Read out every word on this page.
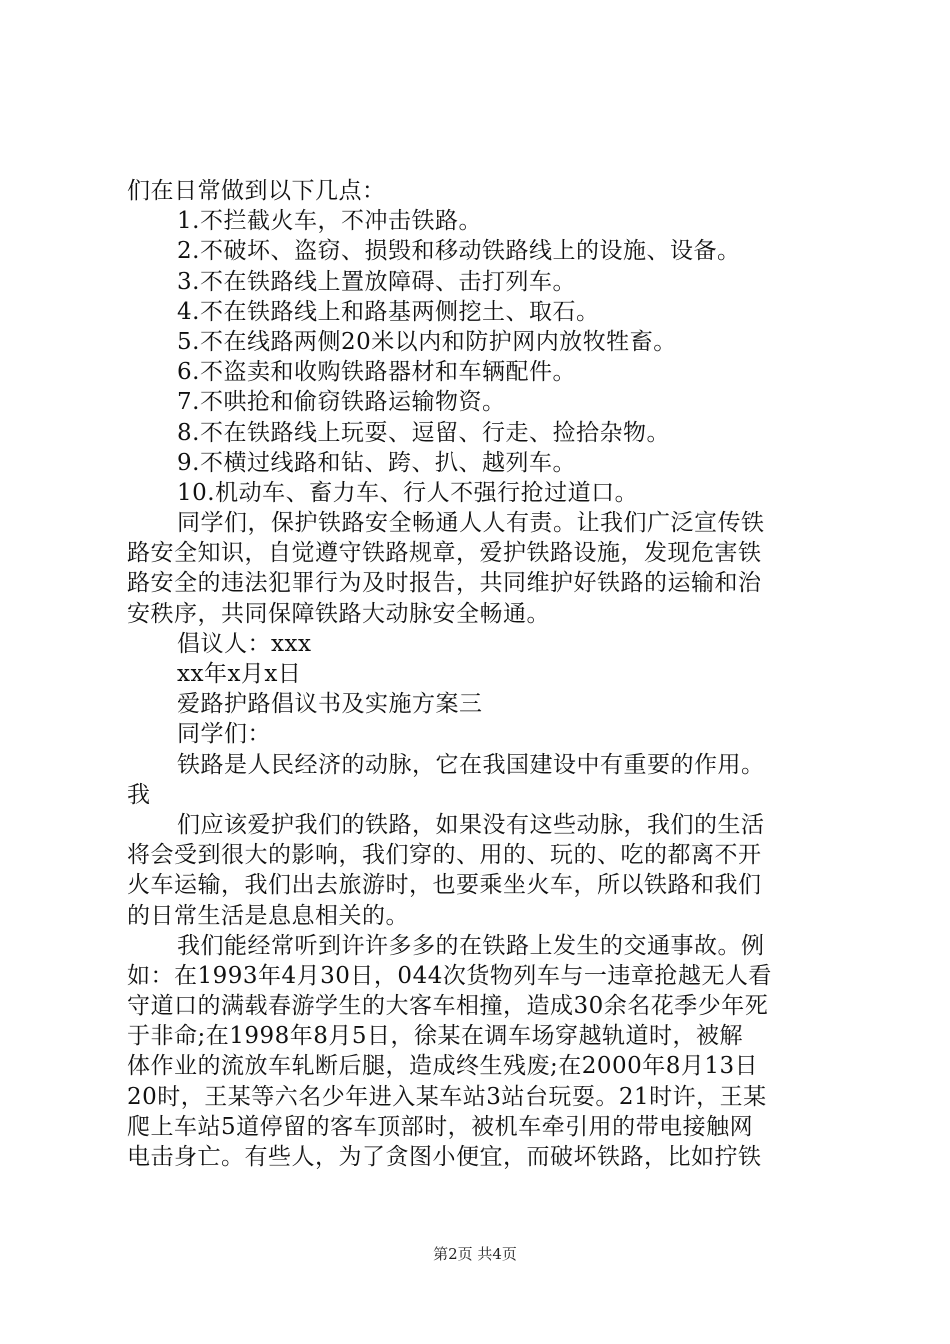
们在日常做到以下几点：
1.不拦截火车，不冲击铁路。
2.不破坏、盗窃、损毁和移动铁路线上的设施、设备。
3.不在铁路线上置放障碍、击打列车。
4.不在铁路线上和路基两侧挖土、取石。
5.不在线路两侧20米以内和防护网内放牧牲畜。
6.不盗卖和收购铁路器材和车辆配件。
7.不哄抢和偷窃铁路运输物资。
8.不在铁路线上玩耍、逗留、行走、捡拾杂物。
9.不横过线路和钻、跨、扒、越列车。
10.机动车、畜力车、行人不强行抢过道口。
同学们，保护铁路安全畅通人人有责。让我们广泛宣传铁
路安全知识，自觉遵守铁路规章，爱护铁路设施，发现危害铁
路安全的违法犯罪行为及时报告，共同维护好铁路的运输和治
安秩序，共同保障铁路大动脉安全畅通。
倡议人：xxx
xx年x月x日
爱路护路倡议书及实施方案三
同学们：
铁路是人民经济的动脉，它在我国建设中有重要的作用。
我
们应该爱护我们的铁路，如果没有这些动脉，我们的生活
将会受到很大的影响，我们穿的、用的、玩的、吃的都离不开
火车运输，我们出去旅游时，也要乘坐火车，所以铁路和我们
的日常生活是息息相关的。
我们能经常听到许许多多的在铁路上发生的交通事故。例
如：在1993年4月30日，044次货物列车与一违章抢越无人看
守道口的满载春游学生的大客车相撞，造成30余名花季少年死
于非命;在1998年8月5日，徐某在调车场穿越轨道时，被解
体作业的流放车轧断后腿，造成终生残废;在2000年8月13日
20时，王某等六名少年进入某车站3站台玩耍。21时许，王某
爬上车站5道停留的客车顶部时，被机车牵引用的带电接触网
电击身亡。有些人，为了贪图小便宜，而破坏铁路，比如拧铁
第2页 共4页
